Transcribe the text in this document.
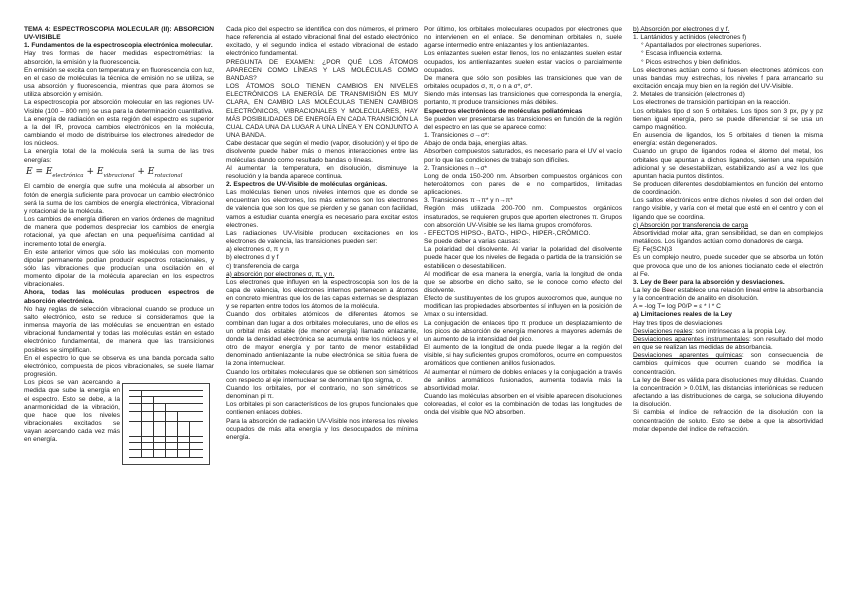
TEMA 4: ESPECTROSCOPÍA MOLECULAR (II): ABSORCIÓN UV-VISIBLE

1. Fundamentos de la espectroscopia electrónica molecular.

Hay tres formas de hacer medidas espectrométrias: la absorción, la emisión y la fluorescencia.

En emisión se excita con temperatura y en fluorescencia con luz, en el caso de moléculas la técnica de emisión no se utiliza, se usa absorción y fluorescencia, mientras que para átomos se utiliza absorción y emisión.

La espectroscopia por absorción molecular en las regiones UV-Visible (100 – 800 nm) se usa para la determinación cuantitativa.

La energía de radiación en esta región del espectro es superior a la del IR, provoca cambios electrónicos en la molécula, cambiando el modo de distribuirse los electrones alrededor de los núcleos.

La energía total de la molécula será la suma de las tres energías:

$E = E_{electrónica} + E_{vibracional} + E_{rotacional}$

El cambio de energía que sufre una molécula al absorber un fotón de energía suficiente para provocar un cambio electrónico será la suma de los cambios de energía electrónica, Vibracional y rotacional de la molécula.

Los cambios de energía difieren en varios órdenes de magnitud de manera que podemos despreciar los cambios de energía rotacional, ya que afectan en una pequeñísima cantidad al incremento total de energía.

En este anterior vimos que sólo las moléculas con momento dipolar permanente podían producir espectros rotacionales, y sólo las vibraciones que producían una oscilación en el momento dipolar de la molécula aparecían en los espectros vibracionales.

Ahora, todas las moléculas producen espectros de absorción electrónica.

No hay reglas de selección vibracional cuando se produce un salto electrónico, esto se reduce si consideramos que la inmensa mayoría de las moléculas se encuentran en estado vibracional fundamental y todas las moléculas están en estado electrónico fundamental, de manera que las transiciones posibles se simplifican.

En el espectro lo que se observa es una banda porcada salto electrónico, compuesta de picos vibracionales, se suele llamar progresión.

Los picos se van acercando a medida que sube la energía en el espectro. Esto se debe, a la anarmonicidad de la vibración, que hace que los niveles vibracionales excitados se vayan acercando cada vez más en energía.

Cada pico del espectro se identifica con dos números, el primero hace referencia al estado vibracional final del estado electrónico excitado, y el segundo indica el estado vibracional de estado electrónico fundamental.

PREGUNTA DE EXAMEN: ¿POR QUÉ LOS ÁTOMOS APARECEN COMO LÍNEAS Y LAS MOLÉCULAS COMO BANDAS?

LOS ÁTOMOS SOLO TIENEN CAMBIOS EN NIVELES ELECTRÓNICOS LA ENERGÍA DE TRANSMISIÓN ES MUY CLARA, EN CAMBIO LAS MOLÉCULAS TIENEN CAMBIOS ELECTRÓNICOS, VIBRACIONALES Y MOLECULARES, HAY MÁS POSIBILIDADES DE ENERGÍA EN CADA TRANSICIÓN LA CUAL CADA UNA DA LUGAR A UNA LÍNEA Y EN CONJUNTO A UNA BANDA.

Cabe destacar que según el medio (vapor, disolución) y el tipo de disolvente puede haber más o menos interacciones entre las moléculas dando como resultado bandas o líneas.

Al aumentar la temperatura, en disolución, disminuye la resolución y la banda aparece continua.

2. Espectros de UV-Visible de moléculas orgánicas.

Las moléculas tienen unos niveles internos que es donde se encuentran los electrones, los más externos son los electrones de valencia que son los que se pierden y se ganan con facilidad, vamos a estudiar cuanta energía es necesario para excitar estos electrones.

Las radiaciones UV-Visible producen excitaciones en los electrones de valencia, las transiciones pueden ser:

a) electrones σ, π y n

b) electrones d y f

c) transferencia de carga

a) absorción por electrones σ, π, y n.

Los electrones que influyen en la espectroscopia son los de la capa de valencia, los electrones internos pertenecen a átomos en concreto mientras que los de las capas externas se desplazan y se reparten entre todos los átomos de la molécula.

Cuando dos orbitales atómicos de diferentes átomos se combinan dan lugar a dos orbitales moleculares, uno de ellos es un orbital más estable (de menor energía) llamado enlazante, donde la densidad electrónica se acumula entre los núcleos y el otro de mayor energía y por tanto de menor estabilidad denominado antienlazante la nube electrónica se sitúa fuera de la zona internuclear.

Cuando los orbitales moleculares que se obtienen son simétricos con respecto al eje internuclear se denominan tipo sigma, σ.

Cuando los orbitales, por el contrario, no son simétricos se denominan pi π.

Los orbitales pi son característicos de los grupos funcionales que contienen enlaces dobles.

Para la absorción de radiación UV-Visible nos interesa los niveles ocupados de más alta energía y los desocupados de mínima energía.

Por último, los orbitales moleculares ocupados por electrones que no intervienen en el enlace. Se denominan orbitales n, suele agarse intermedio entre enlazantes y los antienlazantes.

Los enlazantes suelen estar llenos, los no enlazantes suelen estar ocupados, los antienlazantes suelen estar vacíos o parcialmente ocupados.

De manera que sólo son posibles las transiciones que van de orbitales ocupados σ, π, o n a σ*, σ*.

Siendo más intensas las transiciones que corresponda la energía, portanto, π produce transiciones más débiles.

Espectros electrónicos de moléculas poliatómicas

Se pueden ver presentarse las transiciones en función de la región del espectro en las que se aparece como:

1. Transiciones σ→σ*:

Abajo de onda baja, energías altas.

Absorben compuestos saturados, es necesario para el UV el vacío por lo que las condiciones de trabajo son difíciles.

2. Transiciones n→σ*

Long de onda 150-200 nm. Absorben compuestos orgánicos con heteroátomos con pares de e no compartidos, limitadas aplicaciones.

3. Transiciones π→π* y n→π*

Región más utilizada 200-700 nm. Compuestos orgánicos insaturados, se requieren grupos que aporten electrones π. Grupos con absorción UV-Visible se les llama grupos cromóforos.

- EFECTOS HIPSO-, BATO-, HIPO-, HIPER-,CRÓMICO.

Se puede deber a varias causas:

La polaridad del disolvente. Al variar la polaridad del disolvente puede hacer que los niveles de llegada o partida de la transición se estabilicen o desestabilicen.

Al modificar de esa manera la energía, varía la longitud de onda que se absorbe en dicho salto, se le conoce como efecto del disolvente.

Efecto de sustituyentes de los grupos auxocromos que, aunque no modifican las propiedades absorbentes sí influyen en la posición de λmax o su intensidad.

La conjugación de enlaces tipo π produce un desplazamiento de los picos de absorción de energía menores a mayores además de un aumento de la intensidad del pico.

El aumento de la longitud de onda puede llegar a la región del visible, si hay suficientes grupos cromóforos, ocurre en compuestos aromáticos que contienen anillos fusionados.

Al aumentar el número de dobles enlaces y la conjugación a través de anillos aromáticos fusionados, aumenta todavía más la absortividad molar.

Cuando las moléculas absorben en el visible aparecen disoluciones coloreadas, el color es la combinación de todas las longitudes de onda del visible que NO absorben.

b) Absorción por electrones d y f.

1. Lantánidos y actínidos (electrones f)

° Apantallados por electrones superiores.

° Escasa influencia externa.

° Picos estrechos y bien definidos.

Los electrones actúan como si fuesen electrones atómicos con unas bandas muy estrechas, los niveles f para arrancarlo su excitación encaja muy bien en la región del UV-Visible.

2. Metales de transición (electrones d)

Los electrones de transición participan en la reacción.

Los orbitales tipo d son 5 orbitales. Los tipos son 3 px, py y pz tienen igual energía, pero se puede diferenciar si se usa un campo magnético.

En ausencia de ligandos, los 5 orbitales d tienen la misma energía: están degenerados.

Cuando un grupo de ligandos rodea el átomo del metal, los orbitales que apuntan a dichos ligandos, sienten una repulsión adicional y se desestabilizan, estabilizando así a vez los que apuntan hacia puntos distintos.

Se producen diferentes desdoblamientos en función del entorno de coordinación.

Los saltos electrónicos entre dichos niveles d son del orden del rango visible, y varía con el metal que esté en el centro y con el ligando que se coordina.

c) Absorción por transferencia de carga

Absortividad molar alta, gran sensibilidad, se dan en complejos metálicos. Los ligandos actúan como donadores de carga.

Ej: Fe(SCN)3

Es un complejo neutro, puede suceder que se absorba un fotón que provoca que uno de los aniones tiocianato cede el electrón al Fe.

3. Ley de Beer para la absorción y desviaciones.

La ley de Beer establece una relación lineal entre la absorbancia y la concentración de analito en disolución.

A = -log T= log P0/P = ε * l * C

a) Limitaciones reales de la Ley

Hay tres tipos de desviaciones

Desviaciones reales: son intrínsecas a la propia Ley.

Desviaciones aparentes instrumentales: son resultado del modo en que se realizan las medidas de absorbancia.

Desviaciones aparentes químicas: son consecuencia de cambios químicos que ocurren cuando se modifica la concentración.

La ley de Beer es válida para disoluciones muy diluidas. Cuando la concentración > 0.01M, las distancias interiónicas se reducen afectando a las distribuciones de carga, se soluciona diluyendo la disolución.

Si cambia el índice de refracción de la disolución con la concentración de soluto. Esto se debe a que la absortividad molar depende del índice de refracción.
